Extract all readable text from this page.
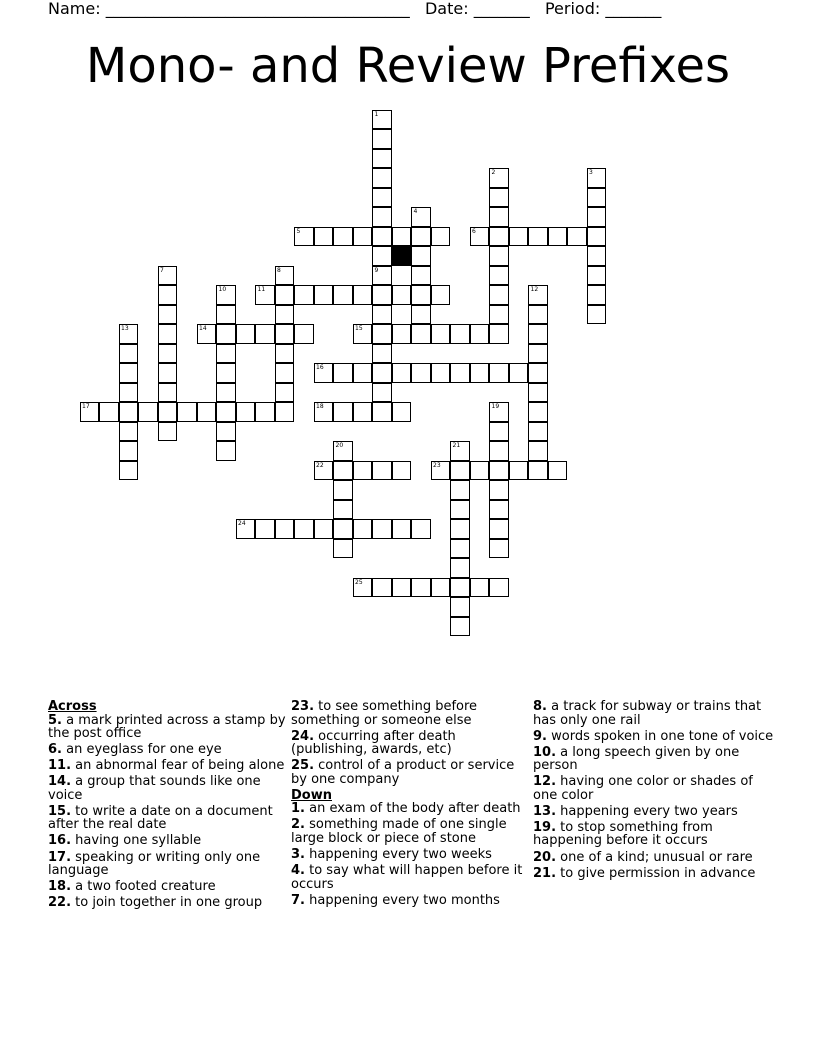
Name: ______________________________________ Date: _______ Period: _______
Mono- and Review Prefixes
5	6
11
14	15
16
17	18
22	23
24
25
1
9
2	3
4
7	8
10	12
13
19
20	21
Across
5. a mark printed across a stamp by the post office
6. an eyeglass for one eye
11. an abnormal fear of being alone
14. a group that sounds like one voice
15. to write a date on a document after the real date
16. having one syllable
17. speaking or writing only one language
18. a two footed creature
22. to join together in one group
23. to see something before something or someone else
24. occurring after death (publishing, awards, etc)
25. control of a product or service by one company
Down
1. an exam of the body after death
2. something made of one single large block or piece of stone
3. happening every two weeks
4. to say what will happen before it occurs
7. happening every two months
8. a track for subway or trains that has only one rail
9. words spoken in one tone of voice
10. a long speech given by one person
12. having one color or shades of one color
13. happening every two years
19. to stop something from happening before it occurs
20. one of a kind; unusual or rare
21. to give permission in advance
